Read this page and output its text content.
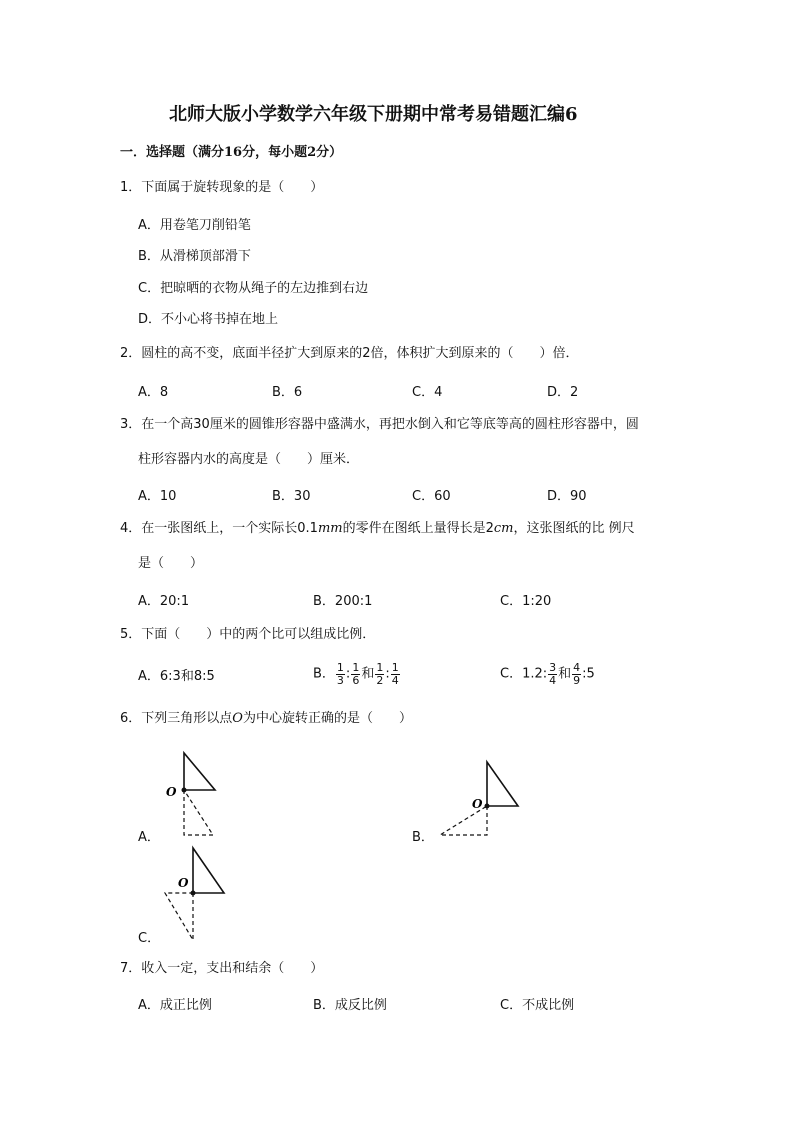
北师大版小学数学六年级下册期中常考易错题汇编6
一．选择题（满分16分，每小题2分）
1．下面属于旋转现象的是（　　）
A．用卷笔刀削铅笔
B．从滑梯顶部滑下
C．把晾晒的衣物从绳子的左边推到右边
D．不小心将书掉在地上
2．圆柱的高不变，底面半径扩大到原来的2倍，体积扩大到原来的（　　）倍．
A．8	B．6	C．4	D．2
3．在一个高30厘米的圆锥形容器中盛满水，再把水倒入和它等底等高的圆柱形容器中，圆
柱形容器内水的高度是（　　）厘米．
A．10	B．30	C．60	D．90
4．在一张图纸上，一个实际长0.1mm的零件在图纸上量得长是2cm，这张图纸的比 例尺
是（　　）
A．20:1	B．200:1	C．1:20
5．下面（　　）中的两个比可以组成比例．
A．6:3和8:5	B． $\frac{1}{3}$ : $\frac{1}{6}$ 和 $\frac{1}{2}$ : $\frac{1}{4}$	C．1.2: $\frac{3}{4}$ 和 $\frac{4}{9}$ :5
6．下列三角形以点O为中心旋转正确的是（　　）
O
A．
O
B．
O
C．
7．收入一定，支出和结余（　　）
A．成正比例	B．成反比例	C．不成比例
